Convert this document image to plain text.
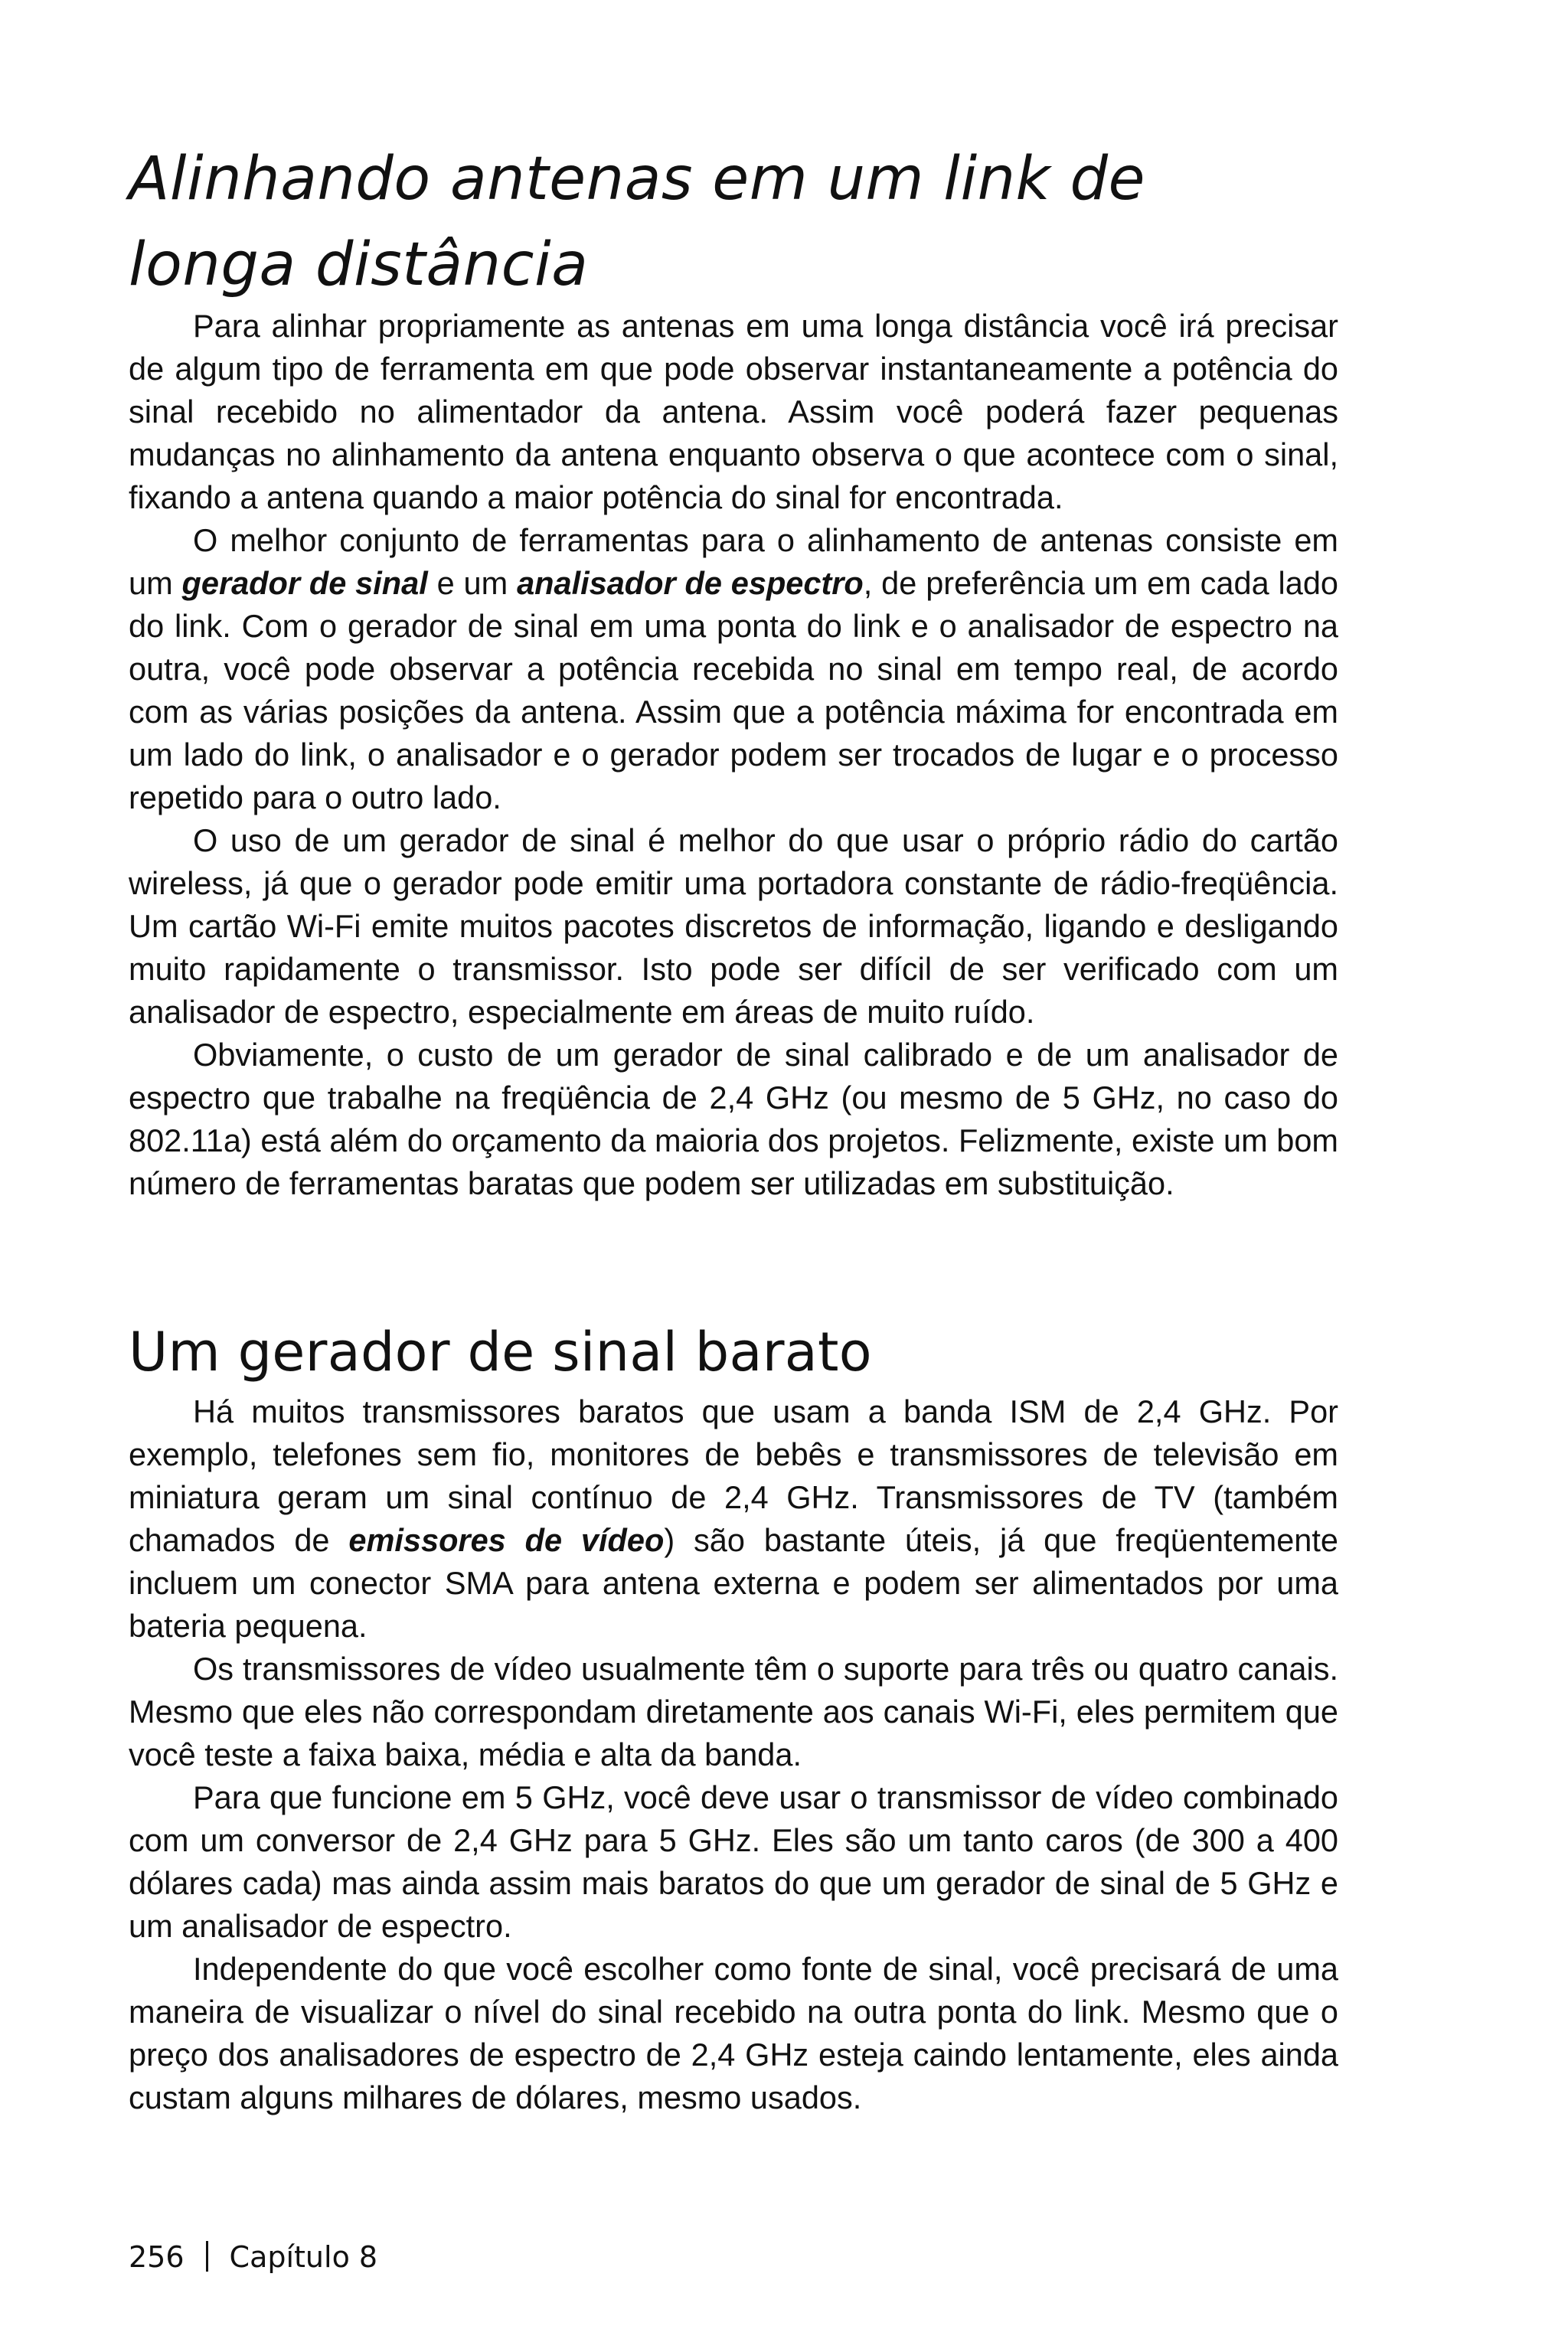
Alinhando antenas em um link de
longa distância

Para alinhar propriamente as antenas em uma longa distância você irá precisar de algum tipo de ferramenta em que pode observar instantaneamente a potência do sinal recebido no alimentador da antena. Assim você poderá fazer pequenas mudanças no alinhamento da antena enquanto observa o que acontece com o sinal, fixando a antena quando a maior potência do sinal for encontrada.

O melhor conjunto de ferramentas para o alinhamento de antenas consiste em um gerador de sinal e um analisador de espectro, de preferência um em cada lado do link. Com o gerador de sinal em uma ponta do link e o analisador de espectro na outra, você pode observar a potência recebida no sinal em tempo real, de acordo com as várias posições da antena. Assim que a potência máxima for encontrada em um lado do link, o analisador e o gerador podem ser trocados de lugar e o processo repetido para o outro lado.

O uso de um gerador de sinal é melhor do que usar o próprio rádio do cartão wireless, já que o gerador pode emitir uma portadora constante de rádio-freqüência. Um cartão Wi-Fi emite muitos pacotes discretos de informação, ligando e desligando muito rapidamente o transmissor. Isto pode ser difícil de ser verificado com um analisador de espectro, especialmente em áreas de muito ruído.

Obviamente, o custo de um gerador de sinal calibrado e de um analisador de espectro que trabalhe na freqüência de 2,4 GHz (ou mesmo de 5 GHz, no caso do 802.11a) está além do orçamento da maioria dos projetos. Felizmente, existe um bom número de ferramentas baratas que podem ser utilizadas em substituição.

Um gerador de sinal barato

Há muitos transmissores baratos que usam a banda ISM de 2,4 GHz. Por exemplo, telefones sem fio, monitores de bebês e transmissores de televisão em miniatura geram um sinal contínuo de 2,4 GHz. Transmissores de TV (também chamados de emissores de vídeo) são bastante úteis, já que freqüentemente incluem um conector SMA para antena externa e podem ser alimentados por uma bateria pequena.

Os transmissores de vídeo usualmente têm o suporte para três ou quatro canais. Mesmo que eles não correspondam diretamente aos canais Wi-Fi, eles permitem que você teste a faixa baixa, média e alta da banda.

Para que funcione em 5 GHz, você deve usar o transmissor de vídeo combinado com um conversor de 2,4 GHz para 5 GHz. Eles são um tanto caros (de 300 a 400 dólares cada) mas ainda assim mais baratos do que um gerador de sinal de 5 GHz e um analisador de espectro.

Independente do que você escolher como fonte de sinal, você precisará de uma maneira de visualizar o nível do sinal recebido na outra ponta do link. Mesmo que o preço dos analisadores de espectro de 2,4 GHz esteja caindo lentamente, eles ainda custam alguns milhares de dólares, mesmo usados.

256 Capítulo 8
